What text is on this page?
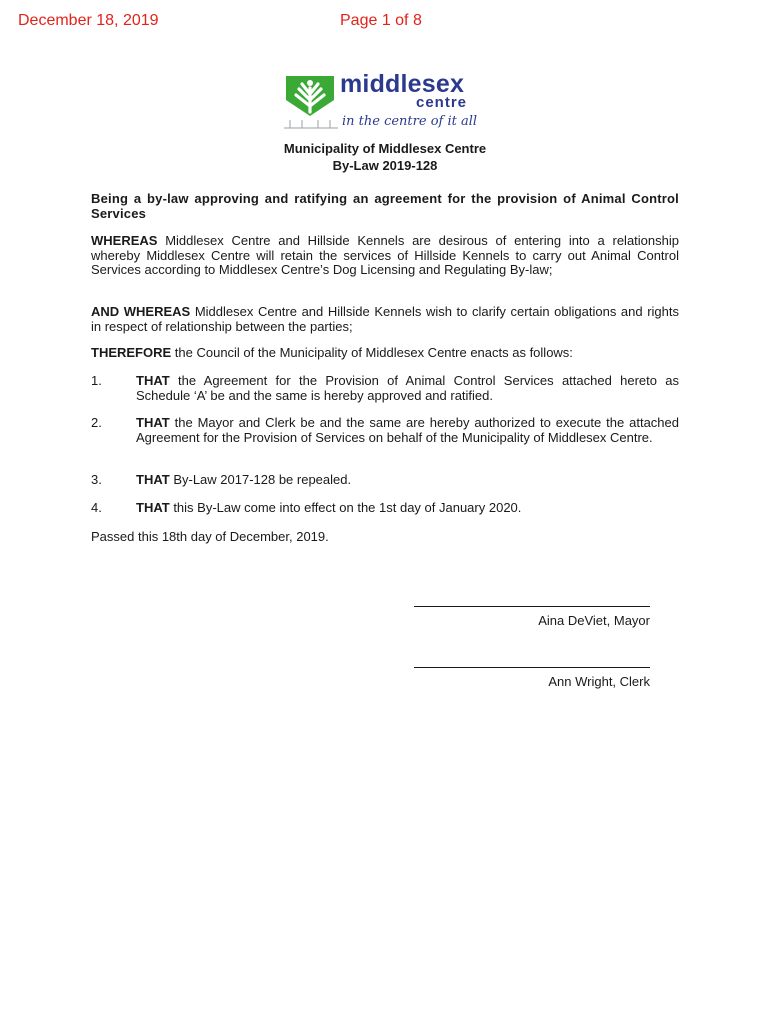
December 18, 2019	Page 1 of 8
middlesex
centre
in the centre of it all
Municipality of Middlesex Centre
By-Law 2019-128
Being a by-law approving and ratifying an agreement for the provision of Animal Control Services
WHEREAS Middlesex Centre and Hillside Kennels are desirous of entering into a relationship whereby Middlesex Centre will retain the services of Hillside Kennels to carry out Animal Control Services according to Middlesex Centre’s Dog Licensing and Regulating By-law;
AND WHEREAS Middlesex Centre and Hillside Kennels wish to clarify certain obligations and rights in respect of relationship between the parties;
THEREFORE the Council of the Municipality of Middlesex Centre enacts as follows:
1.	THAT the Agreement for the Provision of Animal Control Services attached hereto as Schedule ‘A’ be and the same is hereby approved and ratified.
2.	THAT the Mayor and Clerk be and the same are hereby authorized to execute the attached Agreement for the Provision of Services on behalf of the Municipality of Middlesex Centre.
3.	THAT By-Law 2017-128 be repealed.
4.	THAT this By-Law come into effect on the 1st day of January 2020.
Passed this 18th day of December, 2019.
Aina DeViet, Mayor
Ann Wright, Clerk
